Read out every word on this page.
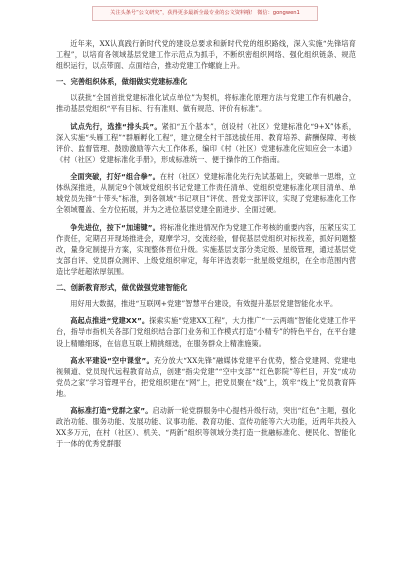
关注头条号“公文研究”，获得更多最新全最专业的公文资料哦！ 微信：gongwen1

近年来，XX认真践行新时代党的建设总要求和新时代党的组织路线，深入实施“先锋培育工程”，以培育各领域基层党建工作示范点为抓手，不断织密组织网络、强化组织链条、规范组织运行，以点带面、点面结合，推动党建工作螺旋上升。

一、完善组织体系，做细做实党建标准化

以获批“全国首批党建标准化试点单位”为契机，将标准化原理方法与党建工作有机融合，推动基层党组织“平有目标、行有准则、做有规范、评价有标准”。

试点先行，选推“排头兵”。紧扣“五个基本”，创设村（社区）党建标准化“9+X”体系，深入实施“头雁工程”“群雁孵化工程”，建立健全村干部选拔任用、教育培养、薪酬保障、考核评价、监督管理、鼓励激励等六大工作体系，编印《村（社区）党建标准化应知应会一本通》《村（社区）党建标准化手册》，形成标准统一、便于操作的工作指南。

全面突破，打好“组合拳”。在村（社区）党建标准化先行先试基础上，突破单一思维，立体纵深推进，从制定9个领域党组织书记党建工作责任清单、党组织党建标准化项目清单、单城党员先锋“十带头”标准，到各领域“书记项目”评优、晋党支部评议，实现了党建标准化工作全领域覆盖、全方位拓展，并为之进位基层党建全面进步、全面过硬。

争先进位，按下“加速键”。将标准化推进情况作为党建工作考核的重要内容，压紧压实工作责任，定期召开现场推进会，观摩学习，交流经验，督促基层党组织对标找差，抓好问题整改，量身定制提升方案，实现整体晋位升级。实施基层支部分类定级、星级管理，通过基层党支部自评、党员群众测评、上级党组织审定，每年评选表彰一批星级党组织，在全市范围内营造比学赶超浓厚氛围。

二、创新教育形式，做优做强党建智能化

用好用大数据，推进“互联网+党建”智慧平台建设，有效提升基层党建智能化水平。

高起点推进“党建XX”。探索实施“党建XX工程”，大力推广“一云两端”智能化党建工作平台，指导市指机关各部门党组织结合部门业务和工作模式打造“小精专”的特色平台，在平台建设上精雕细琢，在信息互联上精挑细选，在服务群众上精准施策。

高水平建设“空中课堂”。充分放大“XX先锋”融媒体党建平台优势，整合党建网、党建电视频道、党员现代远程教育站点，创建“指尖党建”“空中支部”“红色影院”等栏目，开发“成功党员之家”学习管理平台，把党组织建在“网”上，把党员聚在“线”上，筑牢“线上”党员教育阵地。

高标准打造“党群之家”。启动新一轮党群服务中心提档升级行动，突出“红色”主题，强化政治功能、服务功能、发展功能、议事功能、教育功能、宣传功能等六大功能，近两年共投入XX多万元，在村（社区）、机关、“两新”组织等领域分类打造一批融标准化、便民化、智能化于一体的优秀党群服
